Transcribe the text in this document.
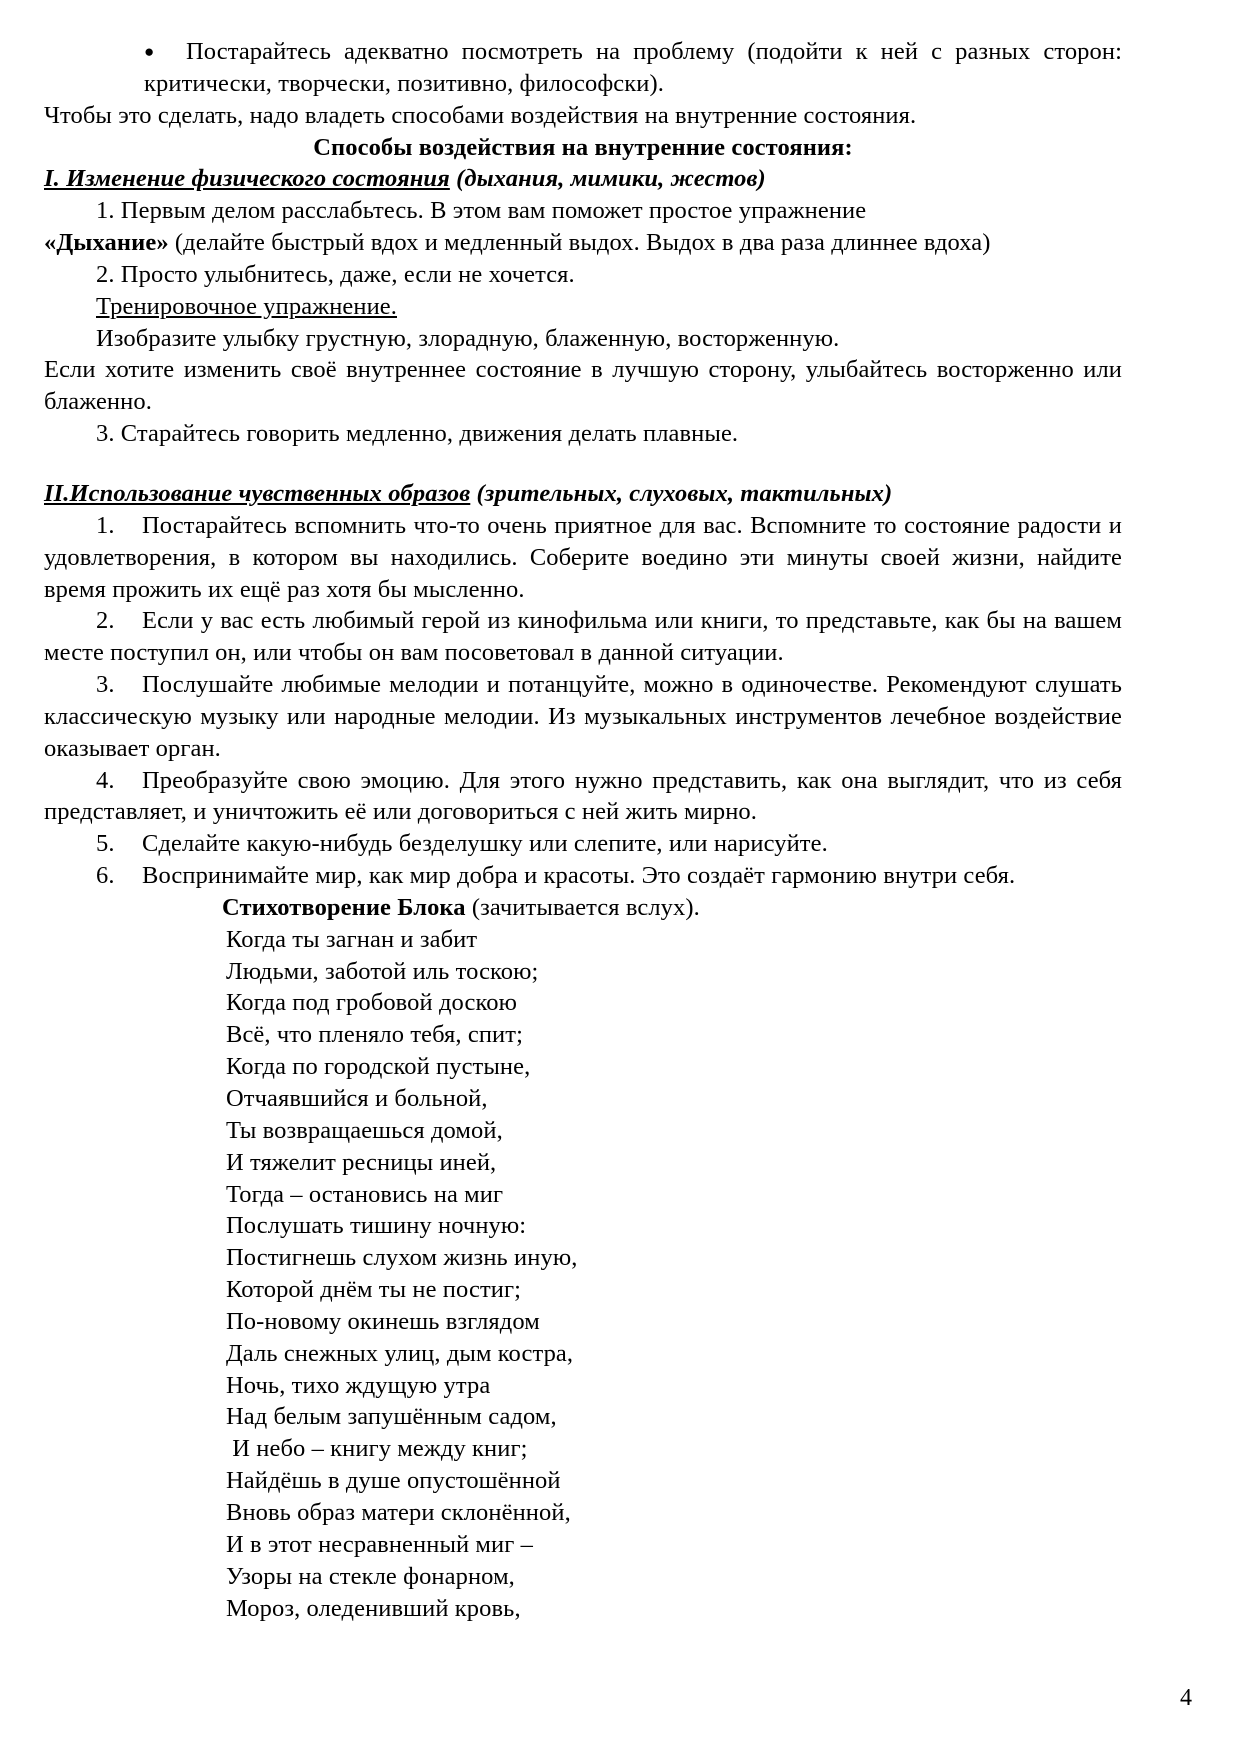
●	Постарайтесь адекватно посмотреть на проблему (подойти к ней с разных сторон: критически, творчески, позитивно, философски).

Чтобы это сделать, надо владеть способами воздействия на внутренние состояния.

Способы воздействия на внутренние состояния:

I. Изменение физического состояния (дыхания, мимики, жестов)

1. Первым делом расслабьтесь. В этом вам поможет простое упражнение

«Дыхание» (делайте быстрый вдох и медленный выдох. Выдох в два раза длиннее вдоха)

2. Просто улыбнитесь, даже, если не хочется.

Тренировочное упражнение.

Изобразите улыбку грустную, злорадную, блаженную, восторженную.

Если хотите изменить своё внутреннее состояние в лучшую сторону, улыбайтесь восторженно или блаженно.

3. Старайтесь говорить медленно, движения делать плавные.

II.Использование чувственных образов (зрительных, слуховых, тактильных)

1. Постарайтесь вспомнить что-то очень приятное для вас. Вспомните то состояние радости и удовлетворения, в котором вы находились. Соберите воедино эти минуты своей жизни, найдите время прожить их ещё раз хотя бы мысленно.

2. Если у вас есть любимый герой из кинофильма или книги, то представьте, как бы на вашем месте поступил он, или чтобы он вам посоветовал в данной ситуации.

3. Послушайте любимые мелодии и потанцуйте, можно в одиночестве. Рекомендуют слушать классическую музыку или народные мелодии. Из музыкальных инструментов лечебное воздействие оказывает орган.

4. Преобразуйте свою эмоцию. Для этого нужно представить, как она выглядит, что из себя представляет, и уничтожить её или договориться с ней жить мирно.

5. Сделайте какую-нибудь безделушку или слепите, или нарисуйте.

6. Воспринимайте мир, как мир добра и красоты. Это создаёт гармонию внутри себя.

Стихотворение Блока (зачитывается вслух).

Когда ты загнан и забит

Людьми, заботой иль тоскою;

Когда под гробовой доскою

Всё, что пленяло тебя, спит;

Когда по городской пустыне,

Отчаявшийся и больной,

Ты возвращаешься домой,

И тяжелит ресницы иней,

Тогда – остановись на миг

Послушать тишину ночную:

Постигнешь слухом жизнь иную,

Которой днём ты не постиг;

По-новому окинешь взглядом

Даль снежных улиц, дым костра,

Ночь, тихо ждущую утра

Над белым запушённым садом,

И небо – книгу между книг;

Найдёшь в душе опустошённой

Вновь образ матери склонённой,

И в этот несравненный миг –

Узоры на стекле фонарном,

Мороз, оледенивший кровь,

4
